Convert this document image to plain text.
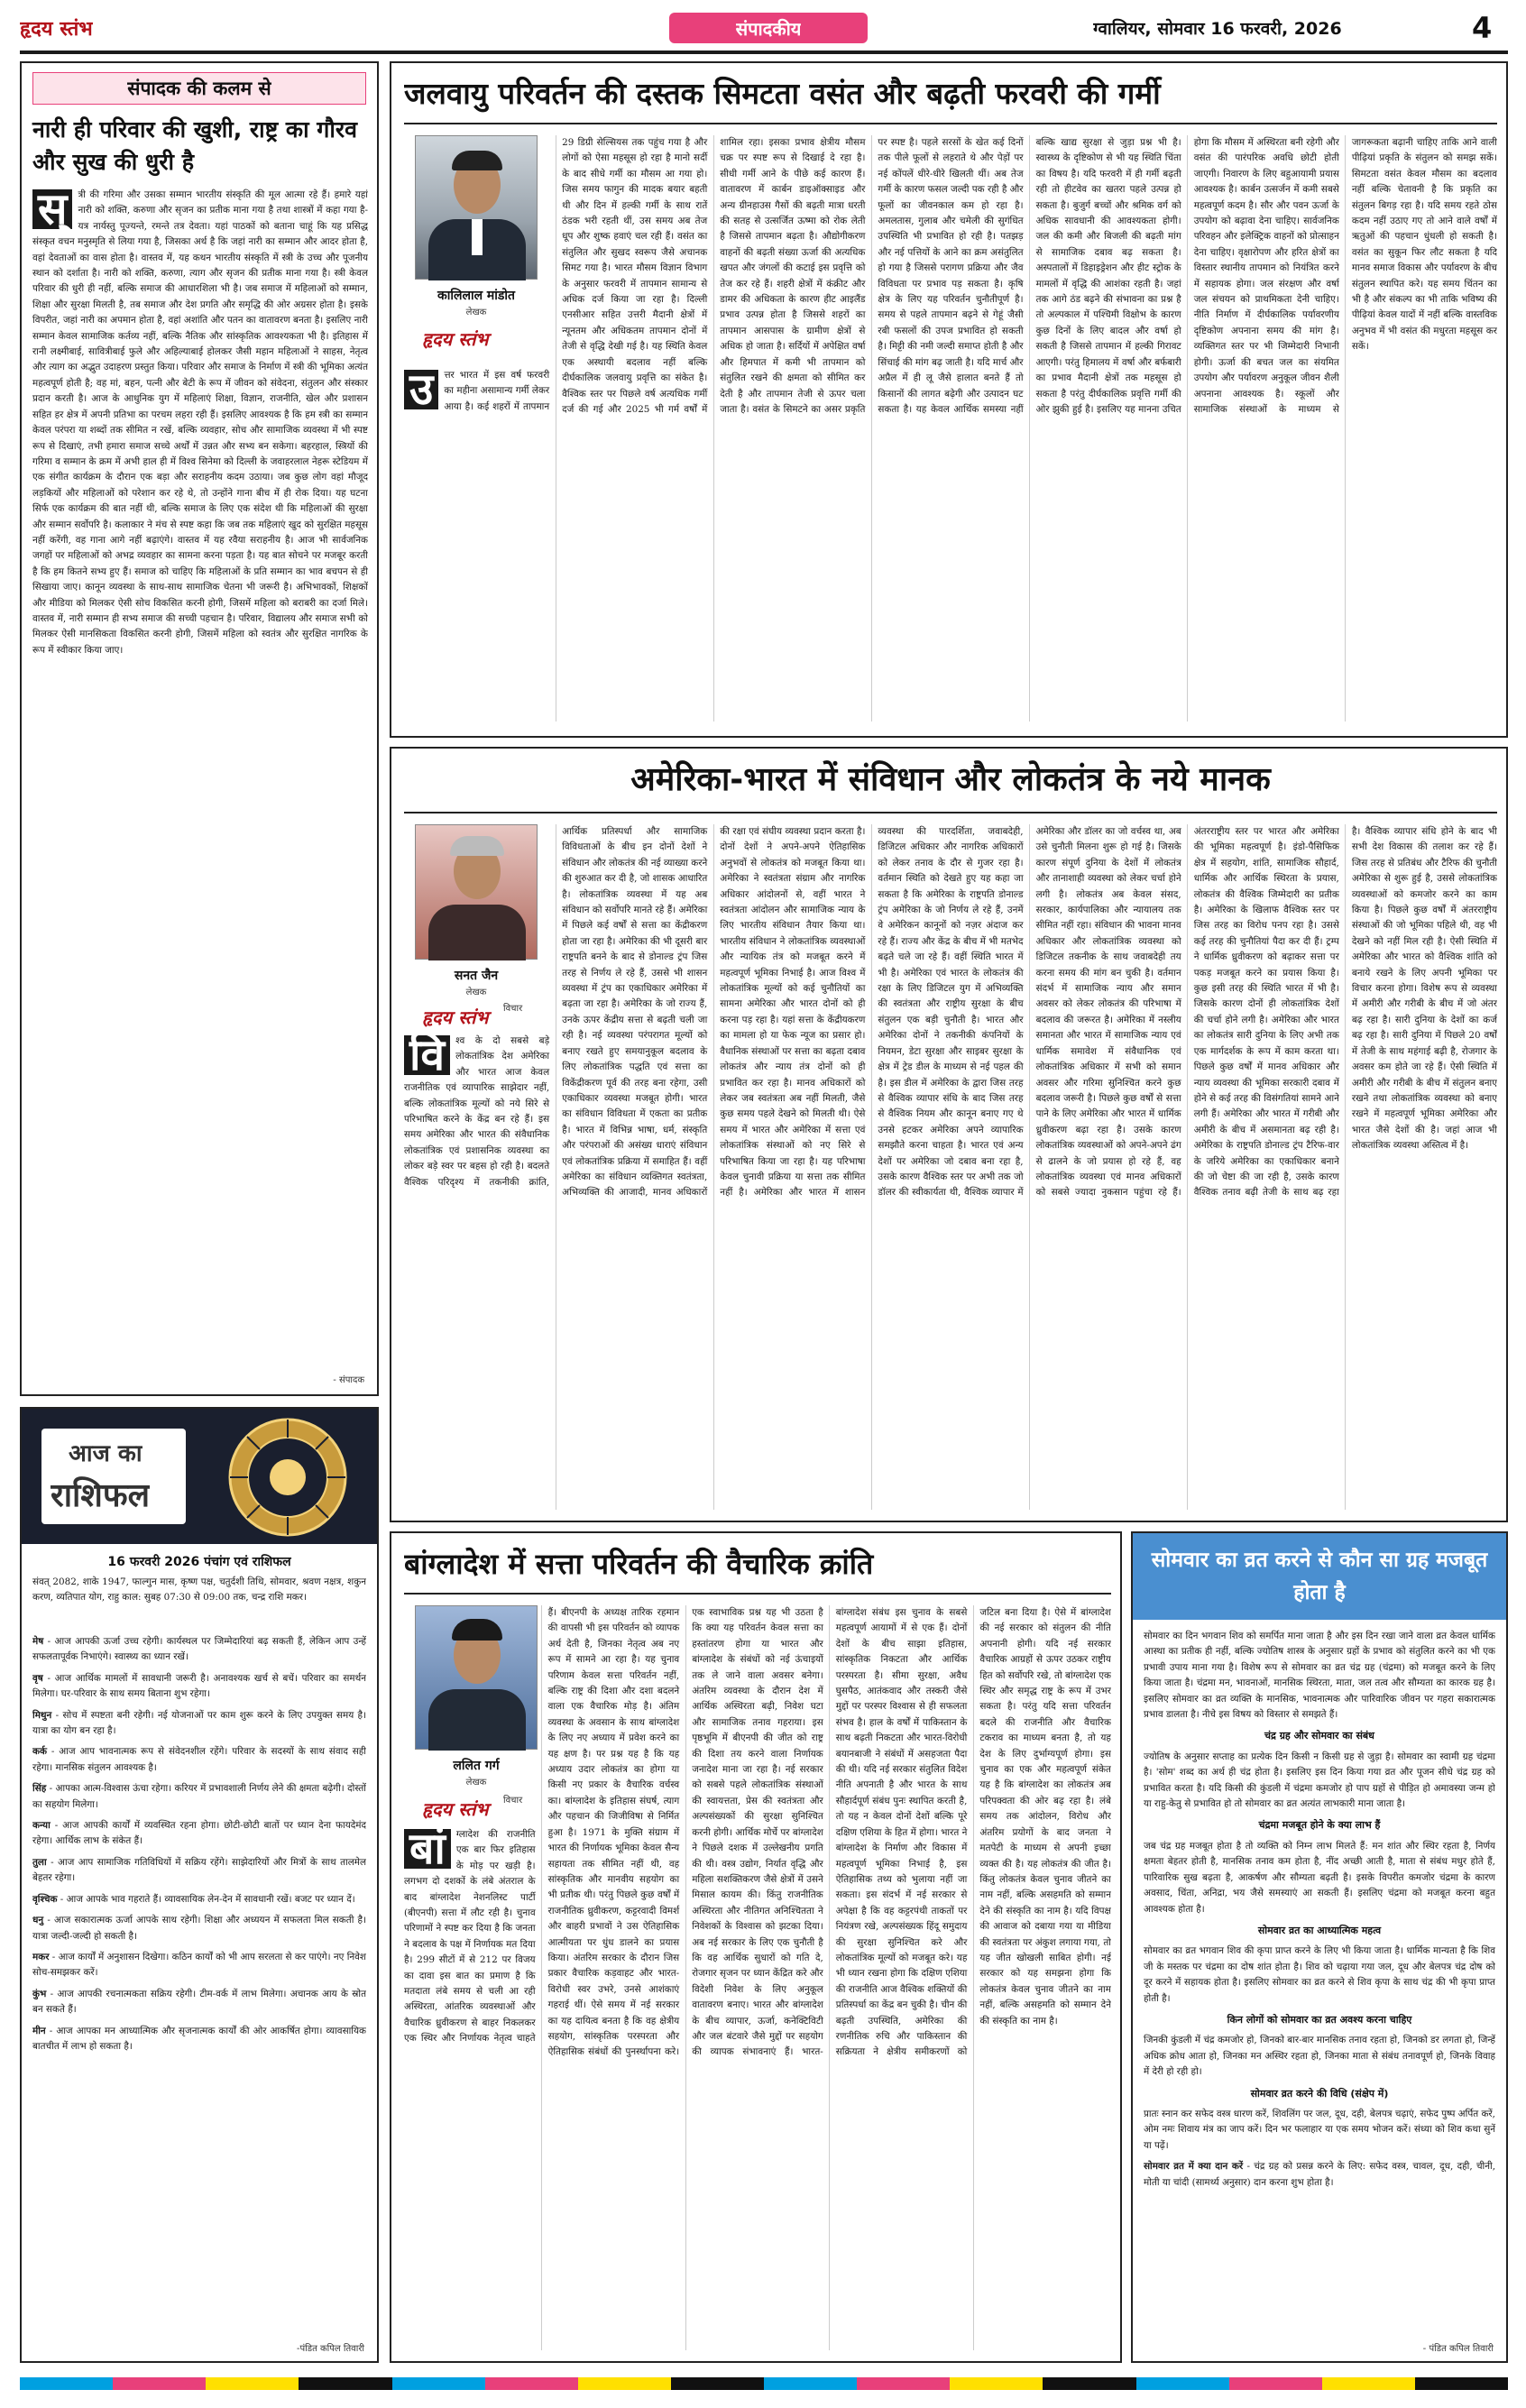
हृदय स्तंभ	संपादकीय	ग्वालियर, सोमवार 16 फरवरी, 2026	4
संपादक की कलम से
नारी ही परिवार की खुशी, राष्ट्र का गौरव और सुख की धुरी है
स्	त्री की गरिमा और उसका सम्मान भारतीय संस्कृति की मूल आत्मा रहे हैं। हमारे यहां नारी को शक्ति, करुणा और सृजन का प्रतीक माना गया है तथा शास्त्रों में कहा गया है- यत्र नार्यस्तु पूज्यन्ते, रमन्ते तत्र देवता। यहां पाठकों को बताना चाहूं कि यह प्रसिद्ध संस्कृत वचन मनुस्मृति से लिया गया है, जिसका अर्थ है कि जहां नारी का सम्मान और आदर होता है, वहां देवताओं का वास होता है। वास्तव में, यह कथन भारतीय संस्कृति में स्त्री के उच्च और पूजनीय स्थान को दर्शाता है। नारी को शक्ति, करुणा, त्याग और सृजन की प्रतीक माना गया है। स्त्री केवल परिवार की धुरी ही नहीं, बल्कि समाज की आधारशिला भी है। जब समाज में महिलाओं को सम्मान, शिक्षा और सुरक्षा मिलती है, तब समाज और देश प्रगति और समृद्धि की ओर अग्रसर होता है। इसके विपरीत, जहां नारी का अपमान होता है, वहां अशांति और पतन का वातावरण बनता है। इसलिए नारी सम्मान केवल सामाजिक कर्तव्य नहीं, बल्कि नैतिक और सांस्कृतिक आवश्यकता भी है। इतिहास में रानी लक्ष्मीबाई, सावित्रीबाई फुले और अहिल्याबाई होलकर जैसी महान महिलाओं ने साहस, नेतृत्व और त्याग का अद्भुत उदाहरण प्रस्तुत किया। परिवार और समाज के निर्माण में स्त्री की भूमिका अत्यंत महत्वपूर्ण होती है; वह मां, बहन, पत्नी और बेटी के रूप में जीवन को संवेदना, संतुलन और संस्कार प्रदान करती है। आज के आधुनिक युग में महिलाएं शिक्षा, विज्ञान, राजनीति, खेल और प्रशासन सहित हर क्षेत्र में अपनी प्रतिभा का परचम लहरा रही हैं। इसलिए आवश्यक है कि हम स्त्री का सम्मान केवल परंपरा या शब्दों तक सीमित न रखें, बल्कि व्यवहार, सोच और सामाजिक व्यवस्था में भी स्पष्ट रूप से दिखाएं, तभी हमारा समाज सच्चे अर्थों में उन्नत और सभ्य बन सकेगा। बहरहाल, स्त्रियों की गरिमा व सम्मान के क्रम में अभी हाल ही में विश्व सिनेमा को दिल्ली के जवाहरलाल नेहरू स्टेडियम में एक संगीत कार्यक्रम के दौरान एक बड़ा और सराहनीय कदम उठाया। जब कुछ लोग वहां मौजूद लड़कियों और महिलाओं को परेशान कर रहे थे, तो उन्होंने गाना बीच में ही रोक दिया। यह घटना सिर्फ एक कार्यक्रम की बात नहीं थी, बल्कि समाज के लिए एक संदेश थी कि महिलाओं की सुरक्षा और सम्मान सर्वोपरि है। कलाकार ने मंच से स्पष्ट कहा कि जब तक महिलाएं खुद को सुरक्षित महसूस नहीं करेंगी, वह गाना आगे नहीं बढ़ाएंगे। वास्तव में यह रवैया सराहनीय है। आज भी सार्वजनिक जगहों पर महिलाओं को अभद्र व्यवहार का सामना करना पड़ता है। यह बात सोचने पर मजबूर करती है कि हम कितने सभ्य हुए हैं। समाज को चाहिए कि महिलाओं के प्रति सम्मान का भाव बचपन से ही सिखाया जाए। कानून व्यवस्था के साथ-साथ सामाजिक चेतना भी जरूरी है। अभिभावकों, शिक्षकों और मीडिया को मिलकर ऐसी सोच विकसित करनी होगी, जिसमें महिला को बराबरी का दर्जा मिले। वास्तव में, नारी सम्मान ही सभ्य समाज की सच्ची पहचान है। परिवार, विद्यालय और समाज सभी को मिलकर ऐसी मानसिकता विकसित करनी होगी, जिसमें महिला को स्वतंत्र और सुरक्षित नागरिक के रूप में स्वीकार किया जाए।
- संपादक
आज का
राशिफल
16 फरवरी 2026 पंचांग एवं राशिफल
संवत् 2082, शाके 1947, फाल्गुन मास, कृष्ण पक्ष, चतुर्दशी तिथि, सोमवार, श्रवण नक्षत्र, शकुन करण, व्यतिपात योग, राहु काल: सुबह 07:30 से 09:00 तक, चन्द्र राशि मकर।

मेष - आज आपकी ऊर्जा उच्च रहेगी। कार्यस्थल पर जिम्मेदारियां बढ़ सकती हैं, लेकिन आप उन्हें सफलतापूर्वक निभाएंगे। स्वास्थ्य का ध्यान रखें।

वृष - आज आर्थिक मामलों में सावधानी जरूरी है। अनावश्यक खर्च से बचें। परिवार का समर्थन मिलेगा। घर-परिवार के साथ समय बिताना शुभ रहेगा।

मिथुन - सोच में स्पष्टता बनी रहेगी। नई योजनाओं पर काम शुरू करने के लिए उपयुक्त समय है। यात्रा का योग बन रहा है।

कर्क - आज आप भावनात्मक रूप से संवेदनशील रहेंगे। परिवार के सदस्यों के साथ संवाद सही रहेगा। मानसिक संतुलन आवश्यक है।

सिंह - आपका आत्म-विश्वास ऊंचा रहेगा। करियर में प्रभावशाली निर्णय लेने की क्षमता बढ़ेगी। दोस्तों का सहयोग मिलेगा।

कन्या - आज आपकी कार्यों में व्यवस्थित रहना होगा। छोटी-छोटी बातों पर ध्यान देना फायदेमंद रहेगा। आर्थिक लाभ के संकेत हैं।

तुला - आज आप सामाजिक गतिविधियों में सक्रिय रहेंगे। साझेदारियों और मित्रों के साथ तालमेल बेहतर रहेगा।

वृश्चिक - आज आपके भाव गहराते हैं। व्यावसायिक लेन-देन में सावधानी रखें। बजट पर ध्यान दें।

धनु - आज सकारात्मक ऊर्जा आपके साथ रहेगी। शिक्षा और अध्ययन में सफलता मिल सकती है। यात्रा जल्दी-जल्दी हो सकती है।

मकर - आज कार्यों में अनुशासन दिखेगा। कठिन कार्यों को भी आप सरलता से कर पाएंगे। नए निवेश सोच-समझकर करें।

कुंभ - आज आपकी रचनात्मकता सक्रिय रहेगी। टीम-वर्क में लाभ मिलेगा। अचानक आय के स्रोत बन सकते हैं।

मीन - आज आपका मन आध्यात्मिक और सृजनात्मक कार्यों की ओर आकर्षित होगा। व्यावसायिक बातचीत में लाभ हो सकता है।

-पंडित कपिल तिवारी
जलवायु परिवर्तन की दस्तक सिमटता वसंत और बढ़ती फरवरी की गर्मी
कालिलाल मांडोत
लेखक
हृदय स्तंभ
उ	त्तर भारत में इस वर्ष फरवरी का महीना असामान्य गर्मी लेकर आया है। कई शहरों में तापमान 29 डिग्री सेल्सियस तक पहुंच गया है और लोगों को ऐसा महसूस हो रहा है मानो सर्दी के बाद सीधे गर्मी का मौसम आ गया हो। जिस समय फागुन की मादक बयार बहती थी और दिन में हल्की गर्मी के साथ रातें ठंडक भरी रहती थीं, उस समय अब तेज धूप और शुष्क हवाएं चल रही हैं। वसंत का संतुलित और सुखद स्वरूप जैसे अचानक सिमट गया है। भारत मौसम विज्ञान विभाग के अनुसार फरवरी में तापमान सामान्य से अधिक दर्ज किया जा रहा है। दिल्ली एनसीआर सहित उत्तरी मैदानी क्षेत्रों में न्यूनतम और अधिकतम तापमान दोनों में तेजी से वृद्धि देखी गई है। यह स्थिति केवल एक अस्थायी बदलाव नहीं बल्कि दीर्घकालिक जलवायु प्रवृत्ति का संकेत है। वैश्विक स्तर पर पिछले वर्ष अत्यधिक गर्मी दर्ज की गई और 2025 भी गर्म वर्षों में शामिल रहा। इसका प्रभाव क्षेत्रीय मौसम चक्र पर स्पष्ट रूप से दिखाई दे रहा है। सीधी गर्मी आने के पीछे कई कारण हैं। वातावरण में कार्बन डाइऑक्साइड और अन्य ग्रीनहाउस गैसों की बढ़ती मात्रा धरती की सतह से उत्सर्जित ऊष्मा को रोक लेती है जिससे तापमान बढ़ता है। औद्योगीकरण वाहनों की बढ़ती संख्या ऊर्जा की अत्यधिक खपत और जंगलों की कटाई इस प्रवृत्ति को तेज कर रहे हैं। शहरी क्षेत्रों में कंक्रीट और डामर की अधिकता के कारण हीट आइलैंड प्रभाव उत्पन्न होता है जिससे शहरों का तापमान आसपास के ग्रामीण क्षेत्रों से अधिक हो जाता है। सर्दियों में अपेक्षित वर्षा और हिमपात में कमी भी तापमान को संतुलित रखने की क्षमता को सीमित कर देती है और तापमान तेजी से ऊपर चला जाता है। वसंत के सिमटने का असर प्रकृति पर स्पष्ट है। पहले सरसों के खेत कई दिनों तक पीले फूलों से लहराते थे और पेड़ों पर नई कोंपलें धीरे-धीरे खिलती थीं। अब तेज गर्मी के कारण फसल जल्दी पक रही है और फूलों का जीवनकाल कम हो रहा है। अमलतास, गुलाब और चमेली की सुगंधित उपस्थिति भी प्रभावित हो रही है। पतझड़ और नई पत्तियों के आने का क्रम असंतुलित हो गया है जिससे परागण प्रक्रिया और जैव विविधता पर प्रभाव पड़ सकता है। कृषि क्षेत्र के लिए यह परिवर्तन चुनौतीपूर्ण है। समय से पहले तापमान बढ़ने से गेहूं जैसी रबी फसलों की उपज प्रभावित हो सकती है। मिट्टी की नमी जल्दी समाप्त होती है और सिंचाई की मांग बढ़ जाती है। यदि मार्च और अप्रैल में ही लू जैसे हालात बनते हैं तो किसानों की लागत बढ़ेगी और उत्पादन घट सकता है। यह केवल आर्थिक समस्या नहीं बल्कि खाद्य सुरक्षा से जुड़ा प्रश्न भी है। स्वास्थ्य के दृष्टिकोण से भी यह स्थिति चिंता का विषय है। यदि फरवरी में ही गर्मी बढ़ती रही तो हीटवेव का खतरा पहले उत्पन्न हो सकता है। बुजुर्ग बच्चों और श्रमिक वर्ग को अधिक सावधानी की आवश्यकता होगी। जल की कमी और बिजली की बढ़ती मांग से सामाजिक दबाव बढ़ सकता है। अस्पतालों में डिहाइड्रेशन और हीट स्ट्रोक के मामलों में वृद्धि की आशंका रहती है। जहां तक आगे ठंड बढ़ने की संभावना का प्रश्न है तो अल्पकाल में पश्चिमी विक्षोभ के कारण कुछ दिनों के लिए बादल और वर्षा हो सकती है जिससे तापमान में हल्की गिरावट आएगी। परंतु हिमालय में वर्षा और बर्फबारी का प्रभाव मैदानी क्षेत्रों तक महसूस हो सकता है परंतु दीर्घकालिक प्रवृत्ति गर्मी की ओर झुकी हुई है। इसलिए यह मानना उचित होगा कि मौसम में अस्थिरता बनी रहेगी और वसंत की पारंपरिक अवधि छोटी होती जाएगी। निवारण के लिए बहुआयामी प्रयास आवश्यक है। कार्बन उत्सर्जन में कमी सबसे महत्वपूर्ण कदम है। सौर और पवन ऊर्जा के उपयोग को बढ़ावा देना चाहिए। सार्वजनिक परिवहन और इलेक्ट्रिक वाहनों को प्रोत्साहन देना चाहिए। वृक्षारोपण और हरित क्षेत्रों का विस्तार स्थानीय तापमान को नियंत्रित करने में सहायक होगा। जल संरक्षण और वर्षा जल संचयन को प्राथमिकता देनी चाहिए। नीति निर्माण में दीर्घकालिक पर्यावरणीय दृष्टिकोण अपनाना समय की मांग है। व्यक्तिगत स्तर पर भी जिम्मेदारी निभानी होगी। ऊर्जा की बचत जल का संयमित उपयोग और पर्यावरण अनुकूल जीवन शैली अपनाना आवश्यक है। स्कूलों और सामाजिक संस्थाओं के माध्यम से जागरूकता बढ़ानी चाहिए ताकि आने वाली पीढ़ियां प्रकृति के संतुलन को समझ सकें। सिमटता वसंत केवल मौसम का बदलाव नहीं बल्कि चेतावनी है कि प्रकृति का संतुलन बिगड़ रहा है। यदि समय रहते ठोस कदम नहीं उठाए गए तो आने वाले वर्षों में ऋतुओं की पहचान धुंधली हो सकती है। वसंत का सुकून फिर लौट सकता है यदि मानव समाज विकास और पर्यावरण के बीच संतुलन स्थापित करे। यह समय चिंतन का भी है और संकल्प का भी ताकि भविष्य की पीढ़ियां केवल यादों में नहीं बल्कि वास्तविक अनुभव में भी वसंत की मधुरता महसूस कर सकें।
अमेरिका-भारत में संविधान और लोकतंत्र के नये मानक
सनत जैन
लेखक
हृदय स्तंभ विचार
वि	श्व के दो सबसे बड़े लोकतांत्रिक देश अमेरिका और भारत आज केवल राजनीतिक एवं व्यापारिक साझेदार नहीं, बल्कि लोकतांत्रिक मूल्यों को नये सिरे से परिभाषित करने के केंद्र बन रहे हैं। इस समय अमेरिका और भारत की संवैधानिक लोकतांत्रिक एवं प्रशासनिक व्यवस्था का लोकर बड़े स्वर पर बहस हो रही है। बदलते वैश्विक परिदृश्य में तकनीकी क्रांति, आर्थिक प्रतिस्पर्धा और सामाजिक विविधताओं के बीच इन दोनों देशों ने संविधान और लोकतंत्र की नई व्याख्या करने की शुरुआत कर दी है, जो शासक आधारित है। लोकतांत्रिक व्यवस्था में यह अब संविधान को सर्वोपरि मानते रहे हैं। अमेरिका में पिछले कई वर्षों से सत्ता का केंद्रीकरण होता जा रहा है। अमेरिका की भी दूसरी बार राष्ट्रपति बनने के बाद से डोनाल्ड ट्रंप जिस तरह से निर्णय ले रहे हैं, उससे भी शासन व्यवस्था में ट्रंप का एकाधिकार अमेरिका में बढ़ता जा रहा है। अमेरिका के जो राज्य हैं, उनके ऊपर केंद्रीय सत्ता से बढ़ती चली जा रही है। नई व्यवस्था परंपरागत मूल्यों को बनाए रखते हुए समयानुकूल बदलाव के लिए लोकतांत्रिक पद्धति एवं सत्ता का विकेंद्रीकरण पूर्व की तरह बना रहेगा, उसी एकाधिकार व्यवस्था मजबूत होगी। भारत का संविधान विविधता में एकता का प्रतीक है। भारत में विभिन्न भाषा, धर्म, संस्कृति और परंपराओं की असंख्य धाराएं संविधान एवं लोकतांत्रिक प्रक्रिया में समाहित हैं। वहीं अमेरिका का संविधान व्यक्तिगत स्वतंत्रता, अभिव्यक्ति की आजादी, मानव अधिकारों की रक्षा एवं संघीय व्यवस्था प्रदान करता है। दोनों देशों ने अपने-अपने ऐतिहासिक अनुभवों से लोकतंत्र को मजबूत किया था। अमेरिका ने स्वतंत्रता संग्राम और नागरिक अधिकार आंदोलनों से, वहीं भारत ने स्वतंत्रता आंदोलन और सामाजिक न्याय के लिए भारतीय संविधान तैयार किया था। भारतीय संविधान ने लोकतांत्रिक व्यवस्थाओं और न्यायिक तंत्र को मजबूत करने में महत्वपूर्ण भूमिका निभाई है। आज विश्व में लोकतांत्रिक मूल्यों को कई चुनौतियों का सामना अमेरिका और भारत दोनों को ही करना पड़ रहा है। यहां सत्ता के केंद्रीयकरण का मामला हो या फेक न्यूज का प्रसार हो। वैधानिक संस्थाओं पर सत्ता का बढ़ता दबाव लोकतंत्र और न्याय तंत्र दोनों को ही प्रभावित कर रहा है। मानव अधिकारों को लेकर जब स्वतंत्रता अब नहीं मिलती, जैसे कुछ समय पहले देखने को मिलती थी। ऐसे समय में भारत और अमेरिका में सत्ता एवं लोकतांत्रिक संस्थाओं को नए सिरे से परिभाषित किया जा रहा है। यह परिभाषा केवल चुनावी प्रक्रिया या सत्ता तक सीमित नहीं है। अमेरिका और भारत में शासन व्यवस्था की पारदर्शिता, जवाबदेही, डिजिटल अधिकार और नागरिक अधिकारों को लेकर तनाव के दौर से गुजर रहा है। वर्तमान स्थिति को देखते हुए यह कहा जा सकता है कि अमेरिका के राष्ट्रपति डोनाल्ड ट्रंप अमेरिका के जो निर्णय ले रहे हैं, उनमें वे अमेरिकन कानूनों को नज़र अंदाज कर रहे हैं। राज्य और केंद्र के बीच में भी मतभेद बढ़ते चले जा रहे हैं। वहीं स्थिति भारत में भी है। अमेरिका एवं भारत के लोकतंत्र की रक्षा के लिए डिजिटल युग में अभिव्यक्ति की स्वतंत्रता और राष्ट्रीय सुरक्षा के बीच संतुलन एक बड़ी चुनौती है। भारत और अमेरिका दोनों ने तकनीकी कंपनियों के नियमन, डेटा सुरक्षा और साइबर सुरक्षा के क्षेत्र में ट्रेड डील के माध्यम से नई पहल की है। इस डील में अमेरिका के द्वारा जिस तरह से वैश्विक व्यापार संधि के बाद जिस तरह से वैश्विक नियम और कानून बनाए गए थे उनसे हटकर अमेरिका अपने व्यापारिक समझौते करना चाहता है। भारत एवं अन्य देशों पर अमेरिका जो दबाव बना रहा है, उसके कारण वैश्विक स्तर पर अभी तक जो डॉलर की स्वीकार्यता थी, वैश्विक व्यापार में अमेरिका और डॉलर का जो वर्चस्व था, अब उसे चुनौती मिलना शुरू हो गई है। जिसके कारण संपूर्ण दुनिया के देशों में लोकतंत्र और तानाशाही व्यवस्था को लेकर चर्चा होने लगी है। लोकतंत्र अब केवल संसद, सरकार, कार्यपालिका और न्यायालय तक सीमित नहीं रहा। संविधान की भावना मानव अधिकार और लोकतांत्रिक व्यवस्था को डिजिटल तकनीक के साथ जवाबदेही तय करना समय की मांग बन चुकी है। वर्तमान संदर्भ में सामाजिक न्याय और समान अवसर को लेकर लोकतंत्र की परिभाषा में बदलाव की जरूरत है। अमेरिका में नस्लीय समानता और भारत में सामाजिक न्याय एवं धार्मिक समावेश में संवैधानिक एवं लोकतांत्रिक अधिकार में सभी को समान अवसर और गरिमा सुनिश्चित करने कुछ बदलाव जरूरी है। पिछले कुछ वर्षों से सत्ता पाने के लिए अमेरिका और भारत में धार्मिक ध्रुवीकरण बढ़ा रहा है। उसके कारण लोकतांत्रिक व्यवस्थाओं को अपने-अपने ढंग से ढालने के जो प्रयास हो रहे हैं, वह लोकतांत्रिक व्यवस्था एवं मानव अधिकारों को सबसे ज्यादा नुकसान पहुंचा रहे हैं। अंतरराष्ट्रीय स्तर पर भारत और अमेरिका की भूमिका महत्वपूर्ण है। इंडो-पैसिफिक क्षेत्र में सहयोग, शांति, सामाजिक सौहार्द, धार्मिक और आर्थिक स्थिरता के प्रयास, लोकतंत्र की वैश्विक जिम्मेदारी का प्रतीक है। अमेरिका के खिलाफ वैश्विक स्तर पर जिस तरह का विरोध पनप रहा है। उससे कई तरह की चुनौतियां पैदा कर दी हैं। ट्रम्प ने धार्मिक ध्रुवीकरण को बढ़ाकर सत्ता पर पकड़ मजबूत करने का प्रयास किया है। कुछ इसी तरह की स्थिति भारत में भी है। जिसके कारण दोनों ही लोकतांत्रिक देशों की चर्चा होने लगी है। अमेरिका और भारत का लोकतंत्र सारी दुनिया के लिए अभी तक एक मार्गदर्शक के रूप में काम करता था। पिछले कुछ वर्षों में मानव अधिकार और न्याय व्यवस्था की भूमिका सरकारी दबाव में होने से कई तरह की विसंगतियां सामने आने लगी हैं। अमेरिका और भारत में गरीबी और अमीरी के बीच में असमानता बढ़ रही है। अमेरिका के राष्ट्रपति डोनाल्ड ट्रंप टैरिफ-वार के जरिये अमेरिका का एकाधिकार बनाने की जो चेष्टा की जा रही है, उसके कारण वैश्विक तनाव बढ़ी तेजी के साथ बढ़ रहा है। वैश्विक व्यापार संधि होने के बाद भी सभी देश विकास की तलाश कर रहे हैं। जिस तरह से प्रतिबंध और टैरिफ की चुनौती अमेरिका से शुरू हुई है, उससे लोकतांत्रिक व्यवस्थाओं को कमजोर करने का काम किया है। पिछले कुछ वर्षों में अंतरराष्ट्रीय संस्थाओं की जो भूमिका पहिले थी, वह भी देखने को नहीं मिल रही है। ऐसी स्थिति में अमेरिका और भारत को वैश्विक शांति को बनाये रखने के लिए अपनी भूमिका पर विचार करना होगा। विशेष रूप से व्यवस्था में अमीरी और गरीबी के बीच में जो अंतर बढ़ रहा है। सारी दुनिया के देशों का कर्ज बढ़ रहा है। सारी दुनिया में पिछले 20 वर्षों में तेजी के साथ महंगाई बढ़ी है, रोजगार के अवसर कम होते जा रहे हैं। ऐसी स्थिति में अमीरी और गरीबी के बीच में संतुलन बनाए रखने तथा लोकतांत्रिक व्यवस्था को बनाए रखने में महत्वपूर्ण भूमिका अमेरिका और भारत जैसे देशों की है। जहां आज भी लोकतांत्रिक व्यवस्था अस्तित्व में है।
बांग्लादेश में सत्ता परिवर्तन की वैचारिक क्रांति
ललित गर्ग
लेखक
हृदय स्तंभ विचार
बां	ग्लादेश की राजनीति एक बार फिर इतिहास के मोड़ पर खड़ी है। लगभग दो दशकों के लंबे अंतराल के बाद बांग्लादेश नेशनलिस्ट पार्टी (बीएनपी) सत्ता में लौट रही है। चुनाव परिणामों ने स्पष्ट कर दिया है कि जनता ने बदलाव के पक्ष में निर्णायक मत दिया है। 299 सीटों में से 212 पर विजय का दावा इस बात का प्रमाण है कि मतदाता लंबे समय से चली आ रही अस्थिरता, आंतरिक व्यवस्थाओं और वैचारिक ध्रुवीकरण से बाहर निकलकर एक स्थिर और निर्णायक नेतृत्व चाहते हैं। बीएनपी के अध्यक्ष तारिक रहमान की वापसी भी इस परिवर्तन को व्यापक अर्थ देती है, जिनका नेतृत्व अब नए रूप में सामने आ रहा है। यह चुनाव परिणाम केवल सत्ता परिवर्तन नहीं, बल्कि राष्ट्र की दिशा और दशा बदलने वाला एक वैचारिक मोड़ है। अंतिम व्यवस्था के अवसान के साथ बांग्लादेश के लिए नए अध्याय में प्रवेश करने का यह क्षण है। पर प्रश्न यह है कि यह अध्याय उदार लोकतंत्र का होगा या किसी नए प्रकार के वैचारिक वर्चस्व का। बांग्लादेश के इतिहास संघर्ष, त्याग और पहचान की जिजीविषा से निर्मित हुआ है। 1971 के मुक्ति संग्राम में भारत की निर्णायक भूमिका केवल सैन्य सहायता तक सीमित नहीं थी, वह सांस्कृतिक और मानवीय सहयोग का भी प्रतीक थी। परंतु पिछले कुछ वर्षों में राजनीतिक ध्रुवीकरण, कट्टरवादी विमर्श और बाहरी प्रभावों ने उस ऐतिहासिक आत्मीयता पर धुंध डालने का प्रयास किया। अंतरिम सरकार के दौरान जिस प्रकार वैचारिक कड़वाहट और भारत-विरोधी स्वर उभरे, उनसे आशंकाएं गहराई थीं। ऐसे समय में नई सरकार का यह दायित्व बनता है कि वह क्षेत्रीय सहयोग, सांस्कृतिक परस्परता और ऐतिहासिक संबंधों की पुनर्स्थापना करे। एक स्वाभाविक प्रश्न यह भी उठता है कि क्या यह परिवर्तन केवल सत्ता का हस्तांतरण होगा या भारत और बांग्लादेश के संबंधों को नई ऊंचाइयों तक ले जाने वाला अवसर बनेगा। अंतरिम व्यवस्था के दौरान देश में आर्थिक अस्थिरता बढ़ी, निवेश घटा और सामाजिक तनाव गहराया। इस पृष्ठभूमि में बीएनपी की जीत को राष्ट्र की दिशा तय करने वाला निर्णायक जनादेश माना जा रहा है। नई सरकार को सबसे पहले लोकतांत्रिक संस्थाओं की स्वायत्तता, प्रेस की स्वतंत्रता और अल्पसंख्यकों की सुरक्षा सुनिश्चित करनी होगी। आर्थिक मोर्चे पर बांग्लादेश ने पिछले दशक में उल्लेखनीय प्रगति की थी। वस्त्र उद्योग, निर्यात वृद्धि और महिला सशक्तिकरण जैसे क्षेत्रों में उसने मिसाल कायम की। किंतु राजनीतिक अस्थिरता और नीतिगत अनिश्चितता ने निवेशकों के विश्वास को झटका दिया। अब नई सरकार के लिए एक चुनौती है कि वह आर्थिक सुधारों को गति दे, रोजगार सृजन पर ध्यान केंद्रित करे और विदेशी निवेश के लिए अनुकूल वातावरण बनाए। भारत और बांग्लादेश के बीच व्यापार, ऊर्जा, कनेक्टिविटी और जल बंटवारे जैसे मुद्दों पर सहयोग की व्यापक संभावनाएं हैं। भारत-बांग्लादेश संबंध इस चुनाव के सबसे महत्वपूर्ण आयामों में से एक हैं। दोनों देशों के बीच साझा इतिहास, सांस्कृतिक निकटता और आर्थिक परस्परता है। सीमा सुरक्षा, अवैध घुसपैठ, आतंकवाद और तस्करी जैसे मुद्दों पर परस्पर विश्वास से ही सफलता संभव है। हाल के वर्षों में पाकिस्तान के साथ बढ़ती निकटता और भारत-विरोधी बयानबाजी ने संबंधों में असहजता पैदा की थी। यदि नई सरकार संतुलित विदेश नीति अपनाती है और भारत के साथ सौहार्दपूर्ण संबंध पुनः स्थापित करती है, तो यह न केवल दोनों देशों बल्कि पूरे दक्षिण एशिया के हित में होगा। भारत ने बांग्लादेश के निर्माण और विकास में महत्वपूर्ण भूमिका निभाई है, इस ऐतिहासिक तथ्य को भुलाया नहीं जा सकता। इस संदर्भ में नई सरकार से अपेक्षा है कि वह कट्टरपंथी ताकतों पर नियंत्रण रखे, अल्पसंख्यक हिंदू समुदाय की सुरक्षा सुनिश्चित करे और लोकतांत्रिक मूल्यों को मजबूत करे। यह भी ध्यान रखना होगा कि दक्षिण एशिया की राजनीति आज वैश्विक शक्तियों की प्रतिस्पर्धा का केंद्र बन चुकी है। चीन की बढ़ती उपस्थिति, अमेरिका की रणनीतिक रुचि और पाकिस्तान की सक्रियता ने क्षेत्रीय समीकरणों को जटिल बना दिया है। ऐसे में बांग्लादेश की नई सरकार को संतुलन की नीति अपनानी होगी। यदि नई सरकार वैचारिक आग्रहों से ऊपर उठकर राष्ट्रीय हित को सर्वोपरि रखे, तो बांग्लादेश एक स्थिर और समृद्ध राष्ट्र के रूप में उभर सकता है। परंतु यदि सत्ता परिवर्तन बदले की राजनीति और वैचारिक टकराव का माध्यम बनता है, तो यह देश के लिए दुर्भाग्यपूर्ण होगा। इस चुनाव का एक और महत्वपूर्ण संकेत यह है कि बांग्लादेश का लोकतंत्र अब परिपक्वता की ओर बढ़ रहा है। लंबे समय तक आंदोलन, विरोध और अंतरिम प्रयोगों के बाद जनता ने मतपेटी के माध्यम से अपनी इच्छा व्यक्त की है। यह लोकतंत्र की जीत है। किंतु लोकतंत्र केवल चुनाव जीतने का नाम नहीं, बल्कि असहमति को सम्मान देने की संस्कृति का नाम है। यदि विपक्ष की आवाज को दबाया गया या मीडिया की स्वतंत्रता पर अंकुश लगाया गया, तो यह जीत खोखली साबित होगी। नई सरकार को यह समझना होगा कि लोकतंत्र केवल चुनाव जीतने का नाम नहीं, बल्कि असहमति को सम्मान देने की संस्कृति का नाम है।
सोमवार का व्रत करने से कौन सा ग्रह मजबूत होता है

सोमवार का दिन भगवान शिव को समर्पित माना जाता है और इस दिन रखा जाने वाला व्रत केवल धार्मिक आस्था का प्रतीक ही नहीं, बल्कि ज्योतिष शास्त्र के अनुसार ग्रहों के प्रभाव को संतुलित करने का भी एक प्रभावी उपाय माना गया है। विशेष रूप से सोमवार का व्रत चंद्र ग्रह (चंद्रमा) को मजबूत करने के लिए किया जाता है। चंद्रमा मन, भावनाओं, मानसिक स्थिरता, माता, जल तत्व और सौम्यता का कारक ग्रह है। इसलिए सोमवार का व्रत व्यक्ति के मानसिक, भावनात्मक और पारिवारिक जीवन पर गहरा सकारात्मक प्रभाव डालता है। नीचे इस विषय को विस्तार से समझते हैं।

चंद्र ग्रह और सोमवार का संबंध

ज्योतिष के अनुसार सप्ताह का प्रत्येक दिन किसी न किसी ग्रह से जुड़ा है। सोमवार का स्वामी ग्रह चंद्रमा है। 'सोम' शब्द का अर्थ ही चंद्र होता है। इसलिए इस दिन किया गया व्रत और पूजन सीधे चंद्र ग्रह को प्रभावित करता है। यदि किसी की कुंडली में चंद्रमा कमजोर हो पाप ग्रहों से पीड़ित हो अमावस्या जन्म हो या राहु-केतु से प्रभावित हो तो सोमवार का व्रत अत्यंत लाभकारी माना जाता है।

चंद्रमा मजबूत होने के क्या लाभ हैं

जब चंद्र ग्रह मजबूत होता है तो व्यक्ति को निम्न लाभ मिलते हैं: मन शांत और स्थिर रहता है, निर्णय क्षमता बेहतर होती है, मानसिक तनाव कम होता है, नींद अच्छी आती है, माता से संबंध मधुर होते हैं, पारिवारिक सुख बढ़ता है, आकर्षण और सौम्यता बढ़ती है। इसके विपरीत कमजोर चंद्रमा के कारण अवसाद, चिंता, अनिद्रा, भय जैसे समस्याएं आ सकती हैं। इसलिए चंद्रमा को मजबूत करना बहुत आवश्यक होता है।

सोमवार व्रत का आध्यात्मिक महत्व

सोमवार का व्रत भगवान शिव की कृपा प्राप्त करने के लिए भी किया जाता है। धार्मिक मान्यता है कि शिव जी के मस्तक पर चंद्रमा का दोष शांत होता है। शिव को चढ़ाया गया जल, दूध और बेलपत्र चंद्र दोष को दूर करने में सहायक होता है। इसलिए सोमवार का व्रत करने से शिव कृपा के साथ चंद्र की भी कृपा प्राप्त होती है।

किन लोगों को सोमवार का व्रत अवश्य करना चाहिए

जिनकी कुंडली में चंद्र कमजोर हो, जिनको बार-बार मानसिक तनाव रहता हो, जिनको डर लगता हो, जिन्हें अधिक क्रोध आता हो, जिनका मन अस्थिर रहता हो, जिनका माता से संबंध तनावपूर्ण हो, जिनके विवाह में देरी हो रही हो।

सोमवार व्रत करने की विधि (संक्षेप में)

प्रातः स्नान कर सफेद वस्त्र धारण करें, शिवलिंग पर जल, दूध, दही, बेलपत्र चढ़ाएं, सफेद पुष्प अर्पित करें, ओम नमः शिवाय मंत्र का जाप करें। दिन भर फलाहार या एक समय भोजन करें। संध्या को शिव कथा सुनें या पढ़ें।

सोमवार व्रत में क्या दान करें - चंद्र ग्रह को प्रसन्न करने के लिए: सफेद वस्त्र, चावल, दूध, दही, चीनी, मोती या चांदी (सामर्थ्य अनुसार) दान करना शुभ होता है।

- पंडित कपिल तिवारी
